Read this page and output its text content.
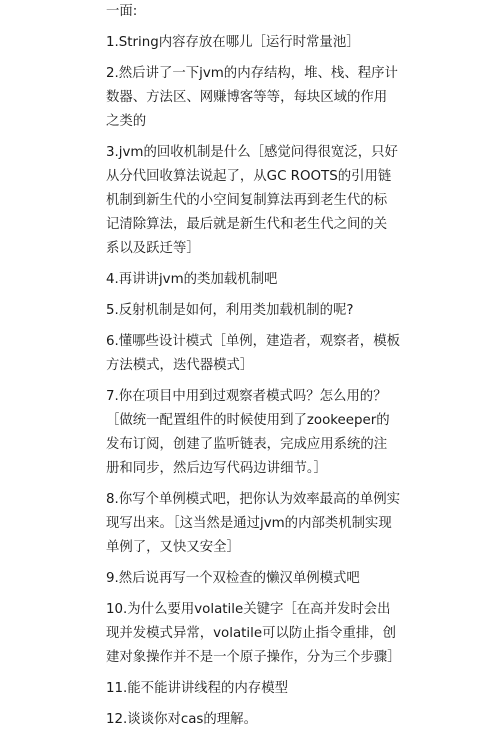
一面:

1.String内容存放在哪儿［运行时常量池］

2.然后讲了一下jvm的内存结构，堆、栈、程序计数器、方法区、网赚博客等等，每块区域的作用之类的

3.jvm的回收机制是什么［感觉问得很宽泛，只好从分代回收算法说起了，从GC ROOTS的引用链机制到新生代的小空间复制算法再到老生代的标记清除算法，最后就是新生代和老生代之间的关系以及跃迁等］

4.再讲讲jvm的类加载机制吧

5.反射机制是如何，利用类加载机制的呢?

6.懂哪些设计模式［单例，建造者，观察者，模板方法模式，迭代器模式］

7.你在项目中用到过观察者模式吗？怎么用的？［做统一配置组件的时候使用到了zookeeper的发布订阅，创建了监听链表，完成应用系统的注册和同步，然后边写代码边讲细节。］

8.你写个单例模式吧，把你认为效率最高的单例实现写出来。［这当然是通过jvm的内部类机制实现单例了，又快又安全］

9.然后说再写一个双检查的懒汉单例模式吧

10.为什么要用volatile关键字［在高并发时会出现并发模式异常，volatile可以防止指令重排，创建对象操作并不是一个原子操作，分为三个步骤］

11.能不能讲讲线程的内存模型

12.谈谈你对cas的理解。
